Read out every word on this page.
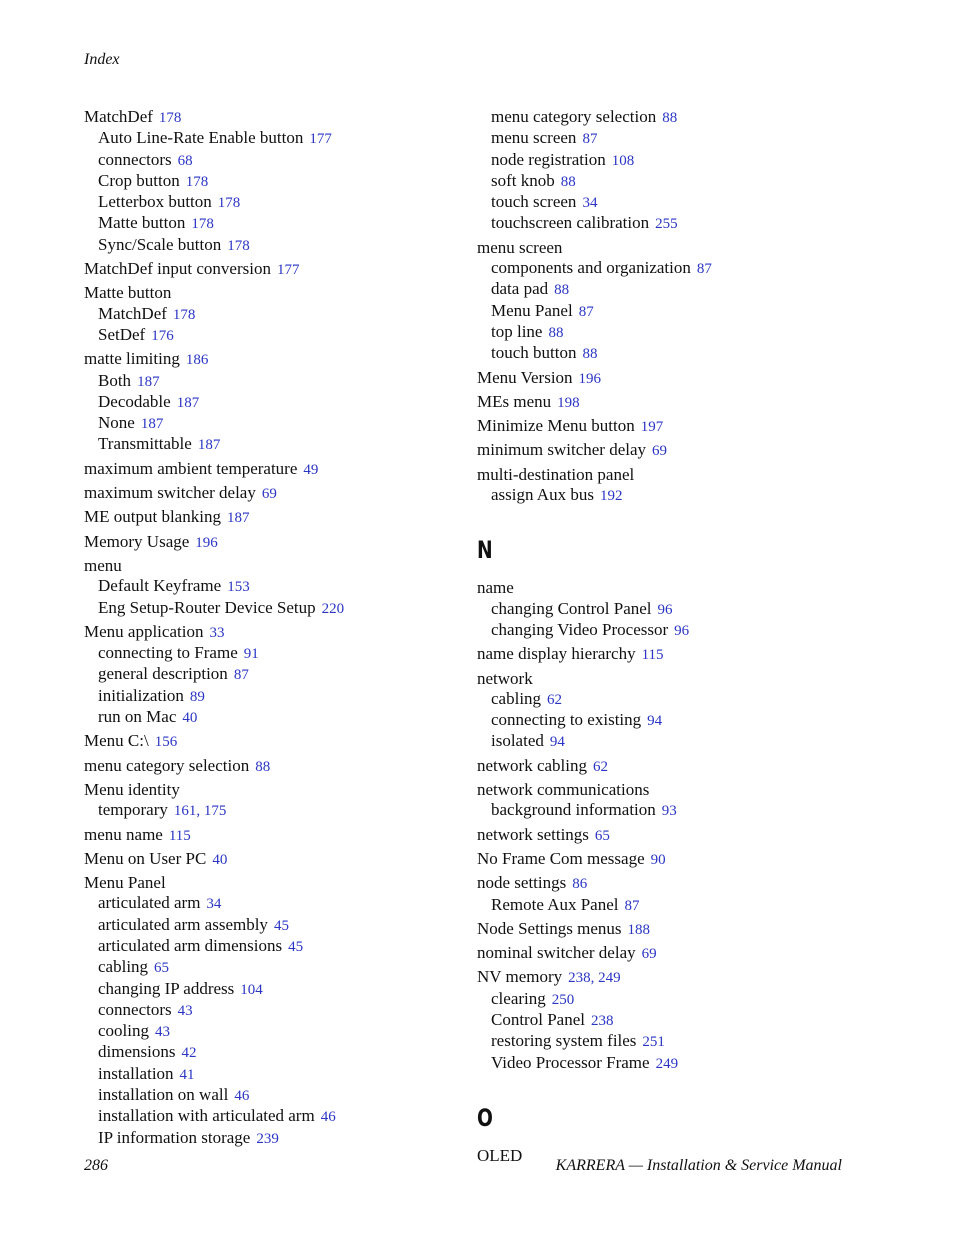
Index
MatchDef 178
Auto Line-Rate Enable button 177
connectors 68
Crop button 178
Letterbox button 178
Matte button 178
Sync/Scale button 178
MatchDef input conversion 177
Matte button
MatchDef 178
SetDef 176
matte limiting 186
Both 187
Decodable 187
None 187
Transmittable 187
maximum ambient temperature 49
maximum switcher delay 69
ME output blanking 187
Memory Usage 196
menu
Default Keyframe 153
Eng Setup-Router Device Setup 220
Menu application 33
connecting to Frame 91
general description 87
initialization 89
run on Mac 40
Menu C:\ 156
menu category selection 88
Menu identity
temporary 161, 175
menu name 115
Menu on User PC 40
Menu Panel
articulated arm 34
articulated arm assembly 45
articulated arm dimensions 45
cabling 65
changing IP address 104
connectors 43
cooling 43
dimensions 42
installation 41
installation on wall 46
installation with articulated arm 46
IP information storage 239
menu category selection 88
menu screen 87
node registration 108
soft knob 88
touch screen 34
touchscreen calibration 255
menu screen
components and organization 87
data pad 88
Menu Panel 87
top line 88
touch button 88
Menu Version 196
MEs menu 198
Minimize Menu button 197
minimum switcher delay 69
multi-destination panel
assign Aux bus 192
N
name
changing Control Panel 96
changing Video Processor 96
name display hierarchy 115
network
cabling 62
connecting to existing 94
isolated 94
network cabling 62
network communications
background information 93
network settings 65
No Frame Com message 90
node settings 86
Remote Aux Panel 87
Node Settings menus 188
nominal switcher delay 69
NV memory 238, 249
clearing 250
Control Panel 238
restoring system files 251
Video Processor Frame 249
O
OLED
286	KARRERA — Installation & Service Manual
